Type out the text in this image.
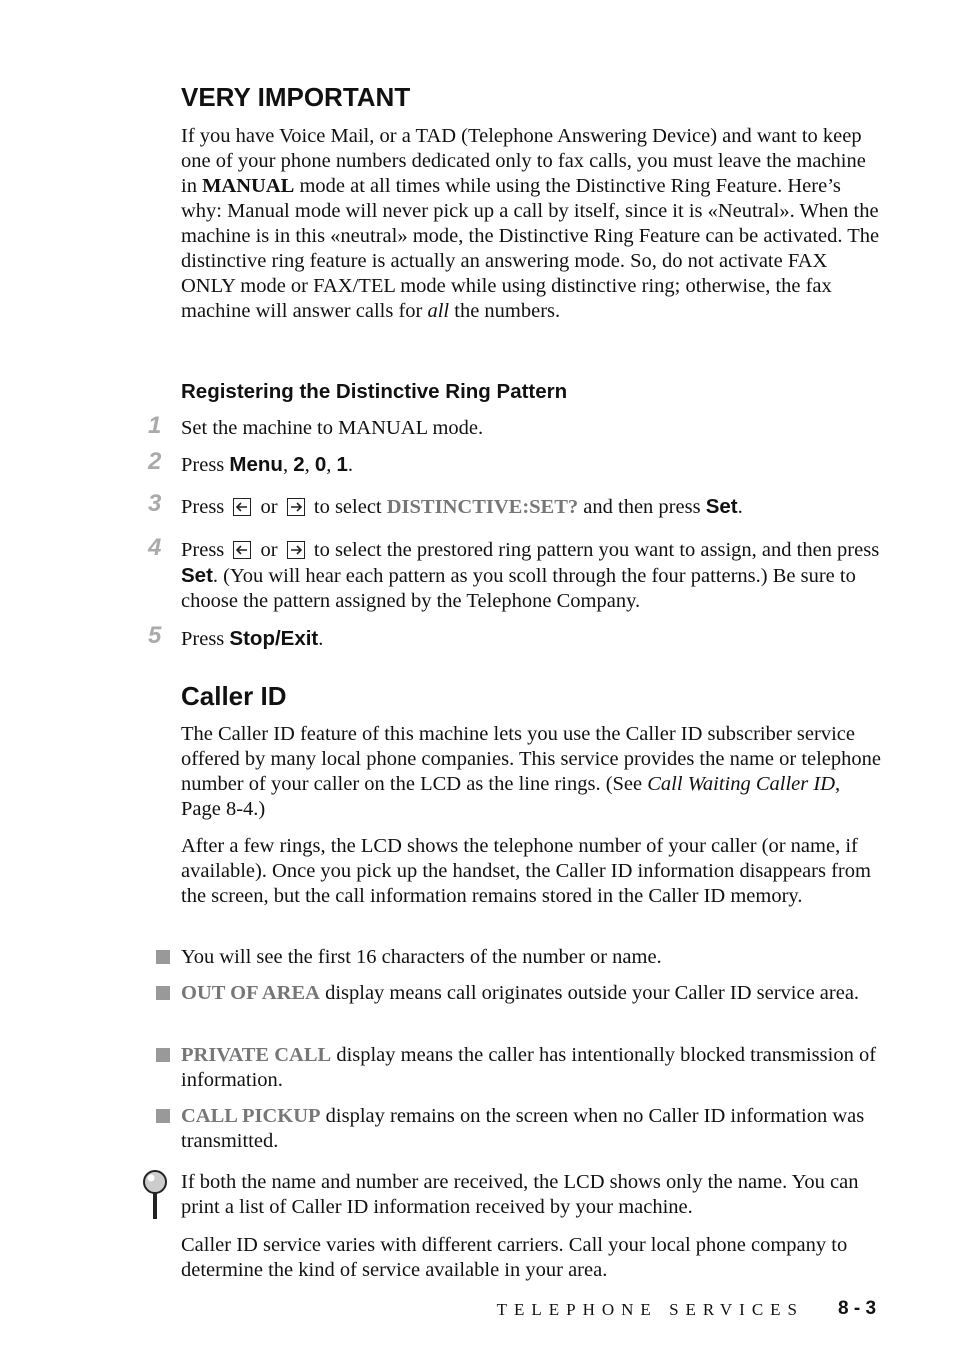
VERY IMPORTANT

If you have Voice Mail, or a TAD (Telephone Answering Device) and want to keep one of your phone numbers dedicated only to fax calls, you must leave the machine in MANUAL mode at all times while using the Distinctive Ring Feature. Here’s why: Manual mode will never pick up a call by itself, since it is «Neutral». When the machine is in this «neutral» mode, the Distinctive Ring Feature can be activated. The distinctive ring feature is actually an answering mode. So, do not activate FAX ONLY mode or FAX/TEL mode while using distinctive ring; otherwise, the fax machine will answer calls for all the numbers.

Registering the Distinctive Ring Pattern
1 Set the machine to MANUAL mode.

2 Press Menu, 2, 0, 1.

3 Press
or to select DISTINCTIVE:SET? and then press Set.

4 Press
or to select the prestored ring pattern you want to assign, and then press Set. (You will hear each pattern as you scoll through the four patterns.) Be sure to choose the pattern assigned by the Telephone Company.

5 Press Stop/Exit.

Caller ID

The Caller ID feature of this machine lets you use the Caller ID subscriber service offered by many local phone companies. This service provides the name or telephone number of your caller on the LCD as the line rings. (See Call Waiting Caller ID, Page 8-4.)

After a few rings, the LCD shows the telephone number of your caller (or name, if available). Once you pick up the handset, the Caller ID information disappears from the screen, but the call information remains stored in the Caller ID memory.

You will see the first 16 characters of the number or name.

OUT OF AREA display means call originates outside your Caller ID service area.

PRIVATE CALL display means the caller has intentionally blocked transmission of information.

CALL PICKUP display remains on the screen when no Caller ID information was transmitted.

If both the name and number are received, the LCD shows only the name. You can print a list of Caller ID information received by your machine.

Caller ID service varies with different carriers. Call your local phone company to determine the kind of service available in your area.

TELEPHONE SERVICES 8 - 3
